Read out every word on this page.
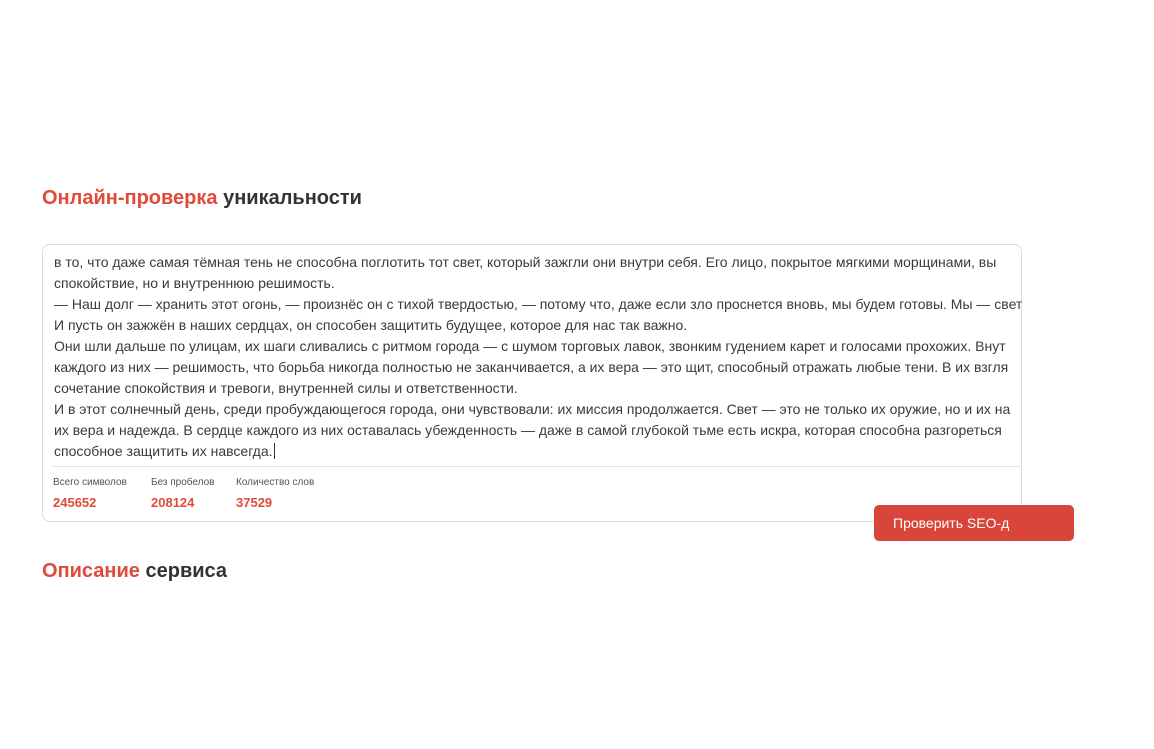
Онлайн-проверка уникальности
в то, что даже самая тёмная тень не способна поглотить тот свет, который зажгли они внутри себя. Его лицо, покрытое мягкими морщинами, вы
спокойствие, но и внутреннюю решимость.
— Наш долг — хранить этот огонь, — произнёс он с тихой твердостью, — потому что, даже если зло проснется вновь, мы будем готовы. Мы — свет
И пусть он зажжён в наших сердцах, он способен защитить будущее, которое для нас так важно.
Они шли дальше по улицам, их шаги сливались с ритмом города — с шумом торговых лавок, звонким гудением карет и голосами прохожих. Внут
каждого из них — решимость, что борьба никогда полностью не заканчивается, а их вера — это щит, способный отражать любые тени. В их взгля
сочетание спокойствия и тревоги, внутренней силы и ответственности.
И в этот солнечный день, среди пробуждающегося города, они чувствовали: их миссия продолжается. Свет — это не только их оружие, но и их на
их вера и надежда. В сердце каждого из них оставалась убежденность — даже в самой глубокой тьме есть искра, которая способна разгореться
способное защитить их навсегда.
Всего символов
245652
Без пробелов
208124
Количество слов
37529
Проверить SEO-д
Описание сервиса
